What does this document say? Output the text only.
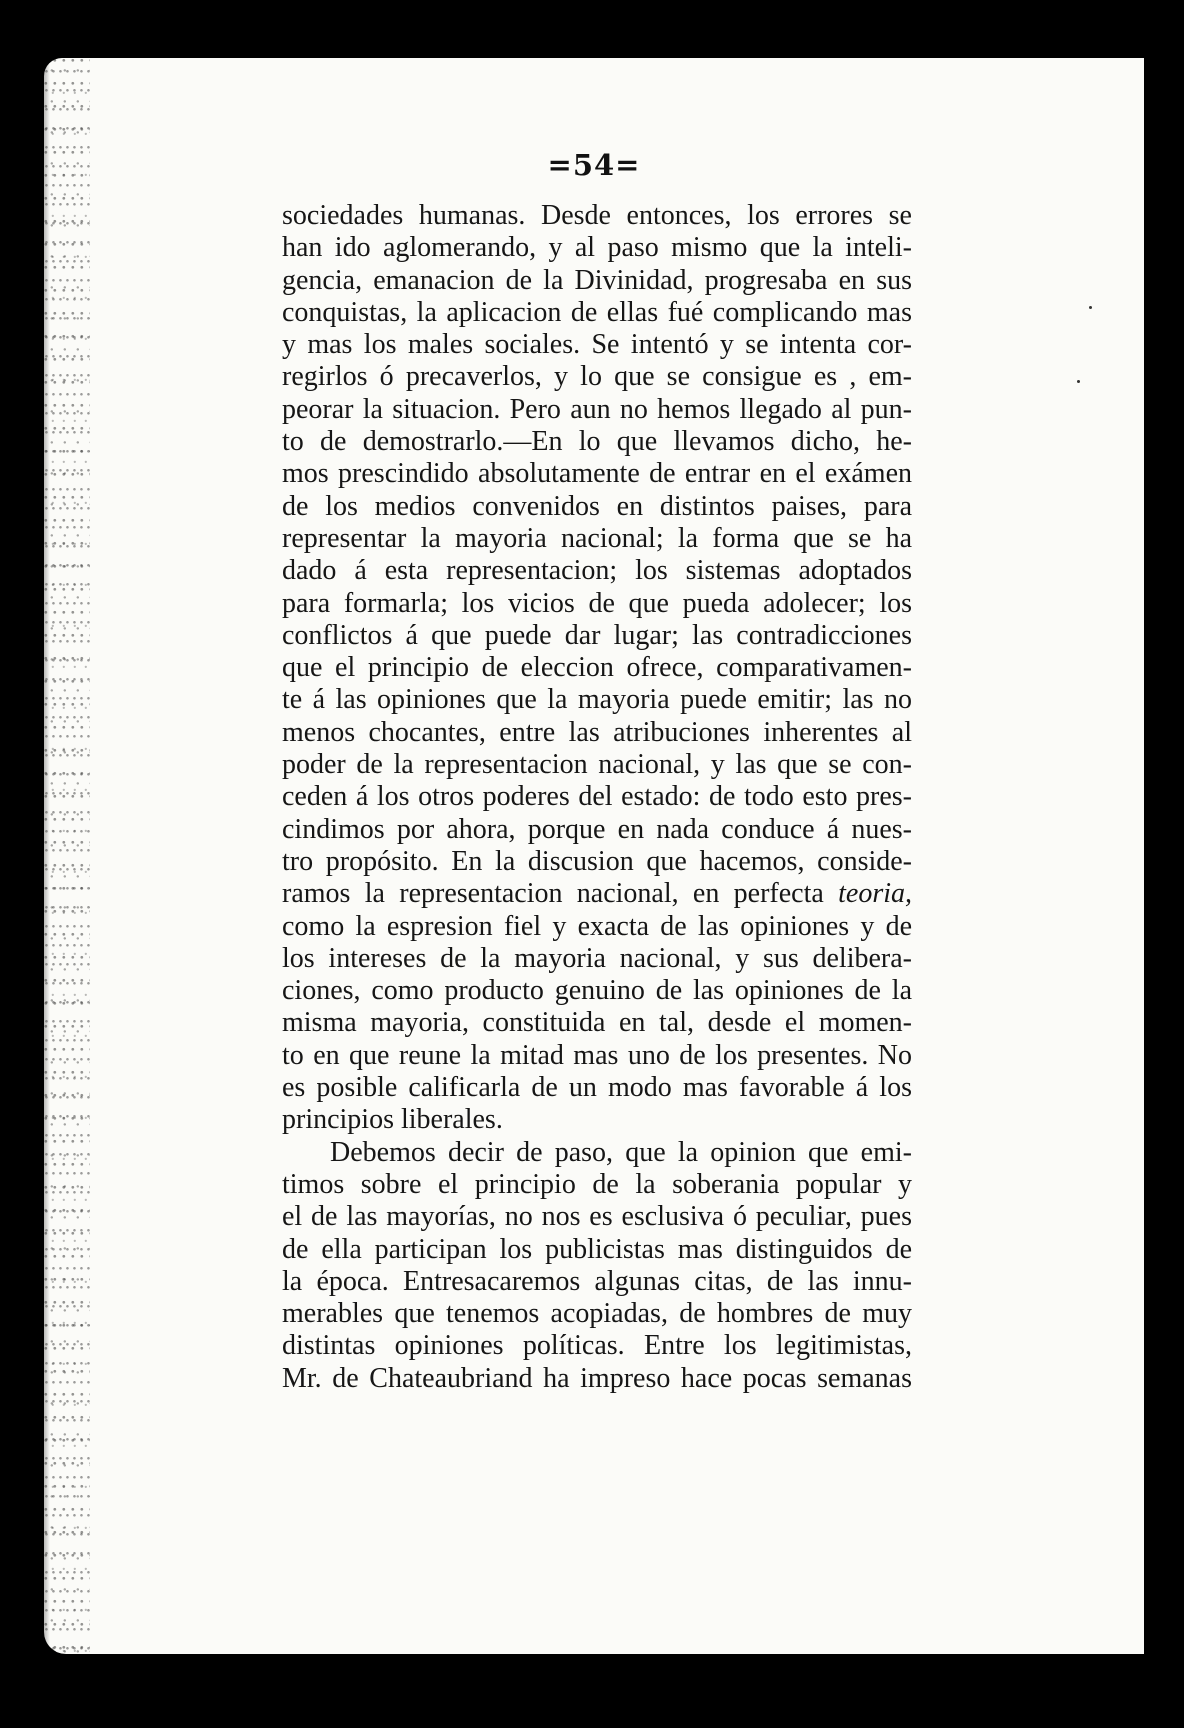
=54=
sociedades humanas. Desde entonces, los errores se
han ido aglomerando, y al paso mismo que la inteli-
gencia, emanacion de la Divinidad, progresaba en sus
conquistas, la aplicacion de ellas fué complicando mas
y mas los males sociales. Se intentó y se intenta cor-
regirlos ó precaverlos, y lo que se consigue es , em-
peorar la situacion. Pero aun no hemos llegado al pun-
to de demostrarlo.—En lo que llevamos dicho, he-
mos prescindido absolutamente de entrar en el exámen
de los medios convenidos en distintos paises, para
representar la mayoria nacional; la forma que se ha
dado á esta representacion; los sistemas adoptados
para formarla; los vicios de que pueda adolecer; los
conflictos á que puede dar lugar; las contradicciones
que el principio de eleccion ofrece, comparativamen-
te á las opiniones que la mayoria puede emitir; las no
menos chocantes, entre las atribuciones inherentes al
poder de la representacion nacional, y las que se con-
ceden á los otros poderes del estado: de todo esto pres-
cindimos por ahora, porque en nada conduce á nues-
tro propósito. En la discusion que hacemos, conside-
ramos la representacion nacional, en perfecta teoria,
como la espresion fiel y exacta de las opiniones y de
los intereses de la mayoria nacional, y sus delibera-
ciones, como producto genuino de las opiniones de la
misma mayoria, constituida en tal, desde el momen-
to en que reune la mitad mas uno de los presentes. No
es posible calificarla de un modo mas favorable á los
principios liberales.
Debemos decir de paso, que la opinion que emi-
timos sobre el principio de la soberania popular y
el de las mayorías, no nos es esclusiva ó peculiar, pues
de ella participan los publicistas mas distinguidos de
la época. Entresacaremos algunas citas, de las innu-
merables que tenemos acopiadas, de hombres de muy
distintas opiniones políticas. Entre los legitimistas,
Mr. de Chateaubriand ha impreso hace pocas semanas
